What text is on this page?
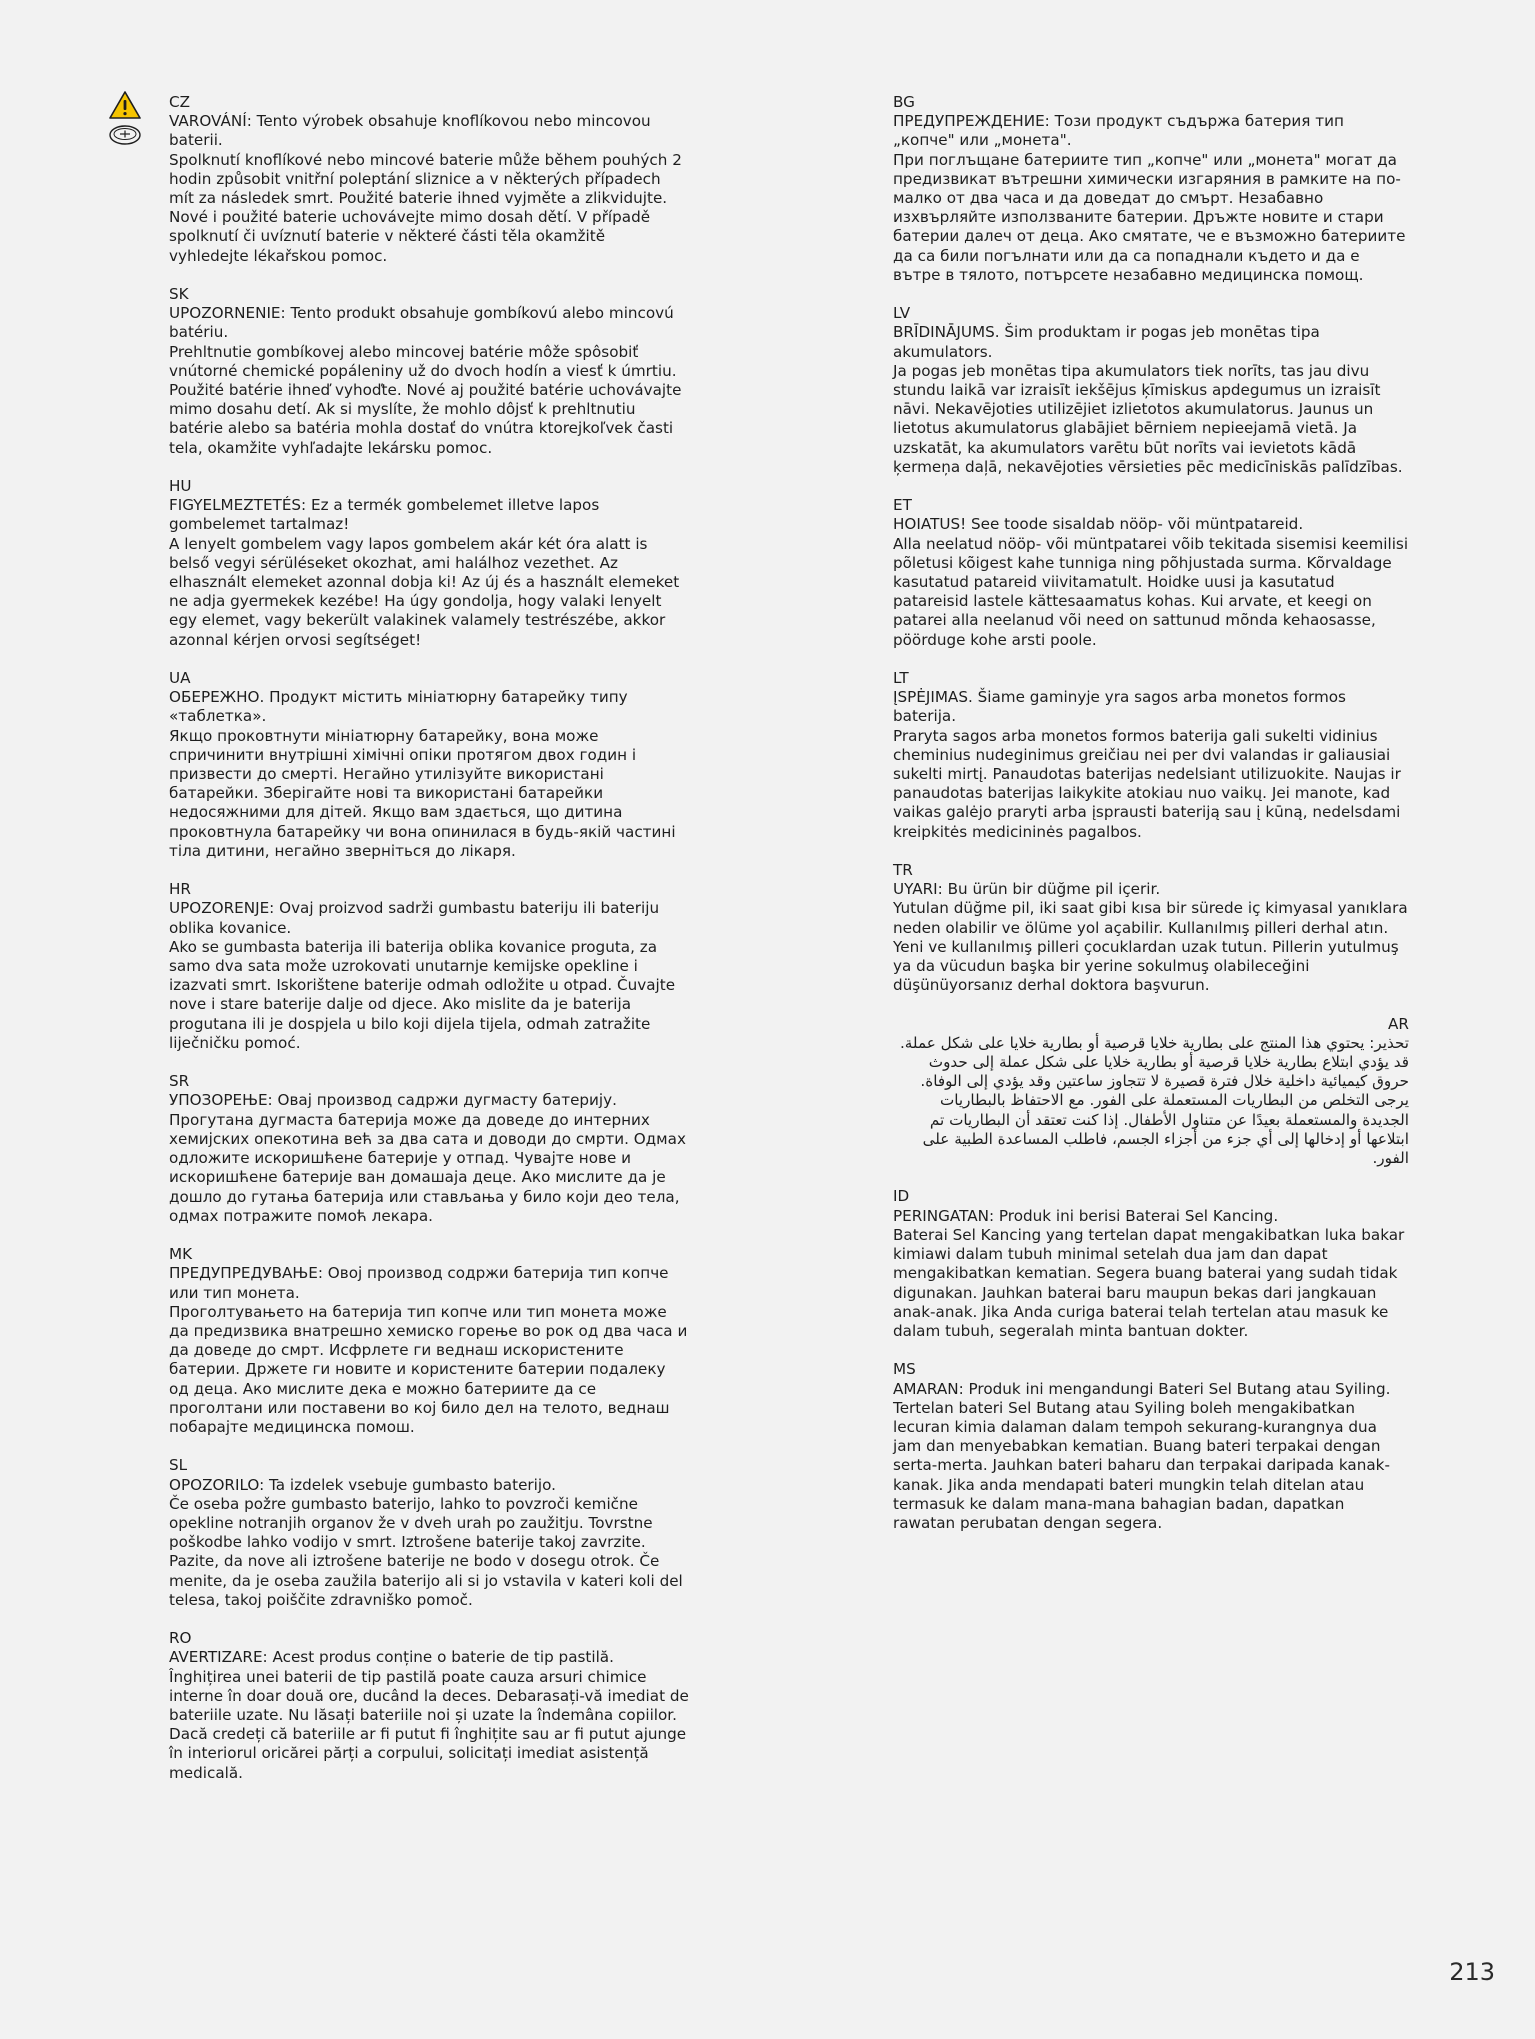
CZ
VAROVÁNÍ: Tento výrobek obsahuje knoflíkovou nebo mincovou baterii.
Spolknutí knoflíkové nebo mincové baterie může během pouhých 2 hodin způsobit vnitřní poleptání sliznice a v některých případech mít za následek smrt. Použité baterie ihned vyjměte a zlikvidujte. Nové i použité baterie uchovávejte mimo dosah dětí. V případě spolknutí či uvíznutí baterie v některé části těla okamžitě vyhledejte lékařskou pomoc.
SK
UPOZORNENIE: Tento produkt obsahuje gombíkovú alebo mincovú batériu.
Prehltnutie gombíkovej alebo mincovej batérie môže spôsobiť vnútorné chemické popáleniny už do dvoch hodín a viesť k úmrtiu. Použité batérie ihneď vyhoďte. Nové aj použité batérie uchovávajte mimo dosahu detí. Ak si myslíte, že mohlo dôjsť k prehltnutiu batérie alebo sa batéria mohla dostať do vnútra ktorejkoľvek časti tela, okamžite vyhľadajte lekársku pomoc.
HU
FIGYELMEZTETÉS: Ez a termék gombelemet illetve lapos gombelemet tartalmaz!
A lenyelt gombelem vagy lapos gombelem akár két óra alatt is belső vegyi sérüléseket okozhat, ami halálhoz vezethet. Az elhasznált elemeket azonnal dobja ki! Az új és a használt elemeket ne adja gyermekek kezébe! Ha úgy gondolja, hogy valaki lenyelt egy elemet, vagy bekerült valakinek valamely testrészébe, akkor azonnal kérjen orvosi segítséget!
UA
ОБЕРЕЖНО. Продукт містить мініатюрну батарейку типу «таблетка».
Якщо проковтнути мініатюрну батарейку, вона може спричинити внутрішні хімічні опіки протягом двох годин і призвести до смерті. Негайно утилізуйте використані батарейки. Зберігайте нові та використані батарейки недосяжними для дітей. Якщо вам здається, що дитина проковтнула батарейку чи вона опинилася в будь-якій частині тіла дитини, негайно зверніться до лікаря.
HR
UPOZORENJE: Ovaj proizvod sadrži gumbastu bateriju ili bateriju oblika kovanice.
Ako se gumbasta baterija ili baterija oblika kovanice proguta, za samo dva sata može uzrokovati unutarnje kemijske opekline i izazvati smrt. Iskorištene baterije odmah odložite u otpad. Čuvajte nove i stare baterije dalje od djece. Ako mislite da je baterija progutana ili je dospjela u bilo koji dijela tijela, odmah zatražite liječničku pomoć.
SR
УПОЗОРЕЊЕ: Овај производ садржи дугмасту батерију.
Прогутана дугмаста батерија може да доведе до интерних хемијских опекотина већ за два сата и доводи до смрти. Одмах одложите искоришћене батерије у отпад. Чувајте нове и искоришћене батерије ван домашаја деце. Ако мислите да је дошло до гутања батерија или стављања у било који део тела, одмах потражите помоћ лекара.
MK
ПРЕДУПРЕДУВАЊЕ: Овој производ содржи батерија тип копче или тип монета.
Проголтувањето на батерија тип копче или тип монета може да предизвика внатрешно хемиско горење во рок од два часа и да доведе до смрт. Исфрлете ги веднаш искористените батерии. Држете ги новите и користените батерии подалеку од деца. Ако мислите дека е можно батериите да се проголтани или поставени во кој било дел на телото, веднаш побарајте медицинска помош.
SL
OPOZORILO: Ta izdelek vsebuje gumbasto baterijo.
Če oseba požre gumbasto baterijo, lahko to povzroči kemične opekline notranjih organov že v dveh urah po zaužitju. Tovrstne poškodbe lahko vodijo v smrt. Iztrošene baterije takoj zavrzite. Pazite, da nove ali iztrošene baterije ne bodo v dosegu otrok. Če menite, da je oseba zaužila baterijo ali si jo vstavila v kateri koli del telesa, takoj poiščite zdravniško pomoč.
RO
AVERTIZARE: Acest produs conține o baterie de tip pastilă.
Înghițirea unei baterii de tip pastilă poate cauza arsuri chimice interne în doar două ore, ducând la deces. Debarasați-vă imediat de bateriile uzate. Nu lăsați bateriile noi și uzate la îndemâna copiilor. Dacă credeți că bateriile ar fi putut fi înghițite sau ar fi putut ajunge în interiorul oricărei părți a corpului, solicitați imediat asistență medicală.
BG
ПРЕДУПРЕЖДЕНИЕ: Този продукт съдържа батерия тип „копче" или „монета".
При поглъщане батериите тип „копче" или „монета" могат да предизвикат вътрешни химически изгаряния в рамките на по-малко от два часа и да доведат до смърт. Незабавно изхвърляйте използваните батерии. Дръжте новите и стари батерии далеч от деца. Ако смятате, че е възможно батериите да са били погълнати или да са попаднали където и да е вътре в тялото, потърсете незабавно медицинска помощ.
LV
BRĪDINĀJUMS. Šim produktam ir pogas jeb monētas tipa akumulators.
Ja pogas jeb monētas tipa akumulators tiek norīts, tas jau divu stundu laikā var izraisīt iekšējus ķīmiskus apdegumus un izraisīt nāvi. Nekavējoties utilizējiet izlietotos akumulatorus. Jaunus un lietotus akumulatorus glabājiet bērniem nepieejamā vietā. Ja uzskatāt, ka akumulators varētu būt norīts vai ievietots kādā ķermeņa daļā, nekavējoties vērsieties pēc medicīniskās palīdzības.
ET
HOIATUS! See toode sisaldab nööp- või müntpatareid.
Alla neelatud nööp- või müntpatarei võib tekitada sisemisi keemilisi põletusi kõigest kahe tunniga ning põhjustada surma. Kõrvaldage kasutatud patareid viivitamatult. Hoidke uusi ja kasutatud patareisid lastele kättesaamatus kohas. Kui arvate, et keegi on patarei alla neelanud või need on sattunud mõnda kehaosasse, pöörduge kohe arsti poole.
LT
ĮSPĖJIMAS. Šiame gaminyje yra sagos arba monetos formos baterija.
Praryta sagos arba monetos formos baterija gali sukelti vidinius cheminius nudeginimus greičiau nei per dvi valandas ir galiausiai sukelti mirtį. Panaudotas baterijas nedelsiant utilizuokite. Naujas ir panaudotas baterijas laikykite atokiau nuo vaikų. Jei manote, kad vaikas galėjo praryti arba įsprausti bateriją sau į kūną, nedelsdami kreipkitės medicininės pagalbos.
TR
UYARI: Bu ürün bir düğme pil içerir.
Yutulan düğme pil, iki saat gibi kısa bir sürede iç kimyasal yanıklara neden olabilir ve ölüme yol açabilir. Kullanılmış pilleri derhal atın. Yeni ve kullanılmış pilleri çocuklardan uzak tutun. Pillerin yutulmuş ya da vücudun başka bir yerine sokulmuş olabileceğini düşünüyorsanız derhal doktora başvurun.
AR
تحذير: يحتوي هذا المنتج على بطارية خلايا قرصية أو بطارية خلايا على شكل عملة.
قد يؤدي ابتلاع بطارية خلايا قرصية أو بطارية خلايا على شكل عملة إلى حدوث حروق كيميائية داخلية خلال فترة قصيرة لا تتجاوز ساعتين وقد يؤدي إلى الوفاة. يرجى التخلص من البطاريات المستعملة على الفور. مع الاحتفاظ بالبطاريات الجديدة والمستعملة بعيدًا عن متناول الأطفال. إذا كنت تعتقد أن البطاريات تم ابتلاعها أو إدخالها إلى أي جزء من أجزاء الجسم، فاطلب المساعدة الطبية على الفور.
ID
PERINGATAN: Produk ini berisi Baterai Sel Kancing.
Baterai Sel Kancing yang tertelan dapat mengakibatkan luka bakar kimiawi dalam tubuh minimal setelah dua jam dan dapat mengakibatkan kematian. Segera buang baterai yang sudah tidak digunakan. Jauhkan baterai baru maupun bekas dari jangkauan anak-anak. Jika Anda curiga baterai telah tertelan atau masuk ke dalam tubuh, segeralah minta bantuan dokter.
MS
AMARAN: Produk ini mengandungi Bateri Sel Butang atau Syiling.
Tertelan bateri Sel Butang atau Syiling boleh mengakibatkan lecuran kimia dalaman dalam tempoh sekurang-kurangnya dua jam dan menyebabkan kematian. Buang bateri terpakai dengan serta-merta. Jauhkan bateri baharu dan terpakai daripada kanak-kanak. Jika anda mendapati bateri mungkin telah ditelan atau termasuk ke dalam mana-mana bahagian badan, dapatkan rawatan perubatan dengan segera.
213
